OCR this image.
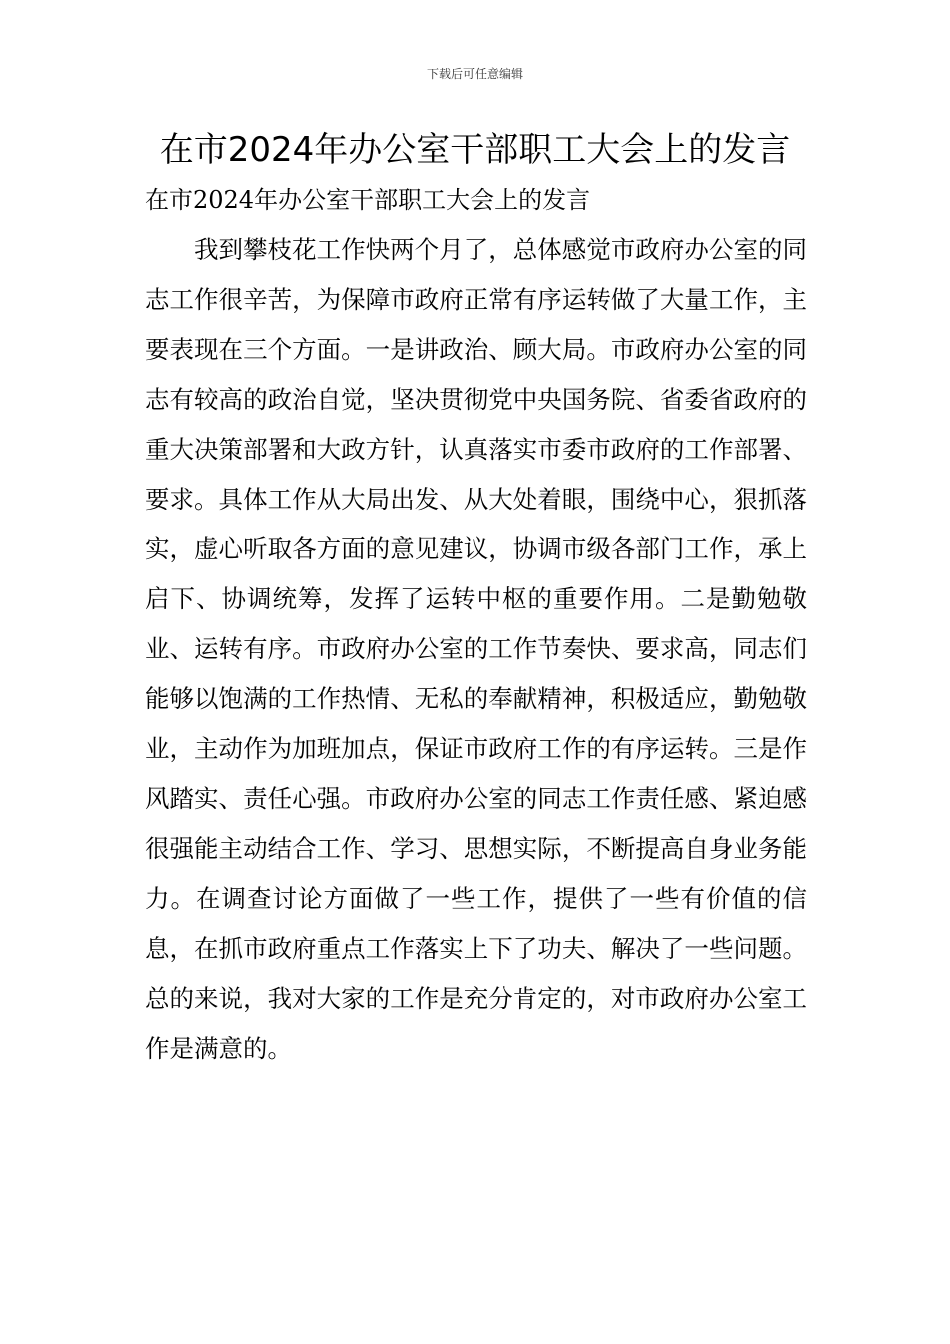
下载后可任意编辑
在市2024年办公室干部职工大会上的发言

在市2024年办公室干部职工大会上的发言

我到攀枝花工作快两个月了，总体感觉市政府办公室的同志工作很辛苦，为保障市政府正常有序运转做了大量工作，主要表现在三个方面。一是讲政治、顾大局。市政府办公室的同志有较高的政治自觉，坚决贯彻党中央国务院、省委省政府的重大决策部署和大政方针，认真落实市委市政府的工作部署、要求。具体工作从大局出发、从大处着眼，围绕中心，狠抓落实，虚心听取各方面的意见建议，协调市级各部门工作，承上启下、协调统筹，发挥了运转中枢的重要作用。二是勤勉敬业、运转有序。市政府办公室的工作节奏快、要求高，同志们能够以饱满的工作热情、无私的奉献精神，积极适应，勤勉敬业，主动作为加班加点，保证市政府工作的有序运转。三是作风踏实、责任心强。市政府办公室的同志工作责任感、紧迫感很强能主动结合工作、学习、思想实际，不断提高自身业务能力。在调查讨论方面做了一些工作，提供了一些有价值的信息，在抓市政府重点工作落实上下了功夫、解决了一些问题。总的来说，我对大家的工作是充分肯定的，对市政府办公室工作是满意的。
